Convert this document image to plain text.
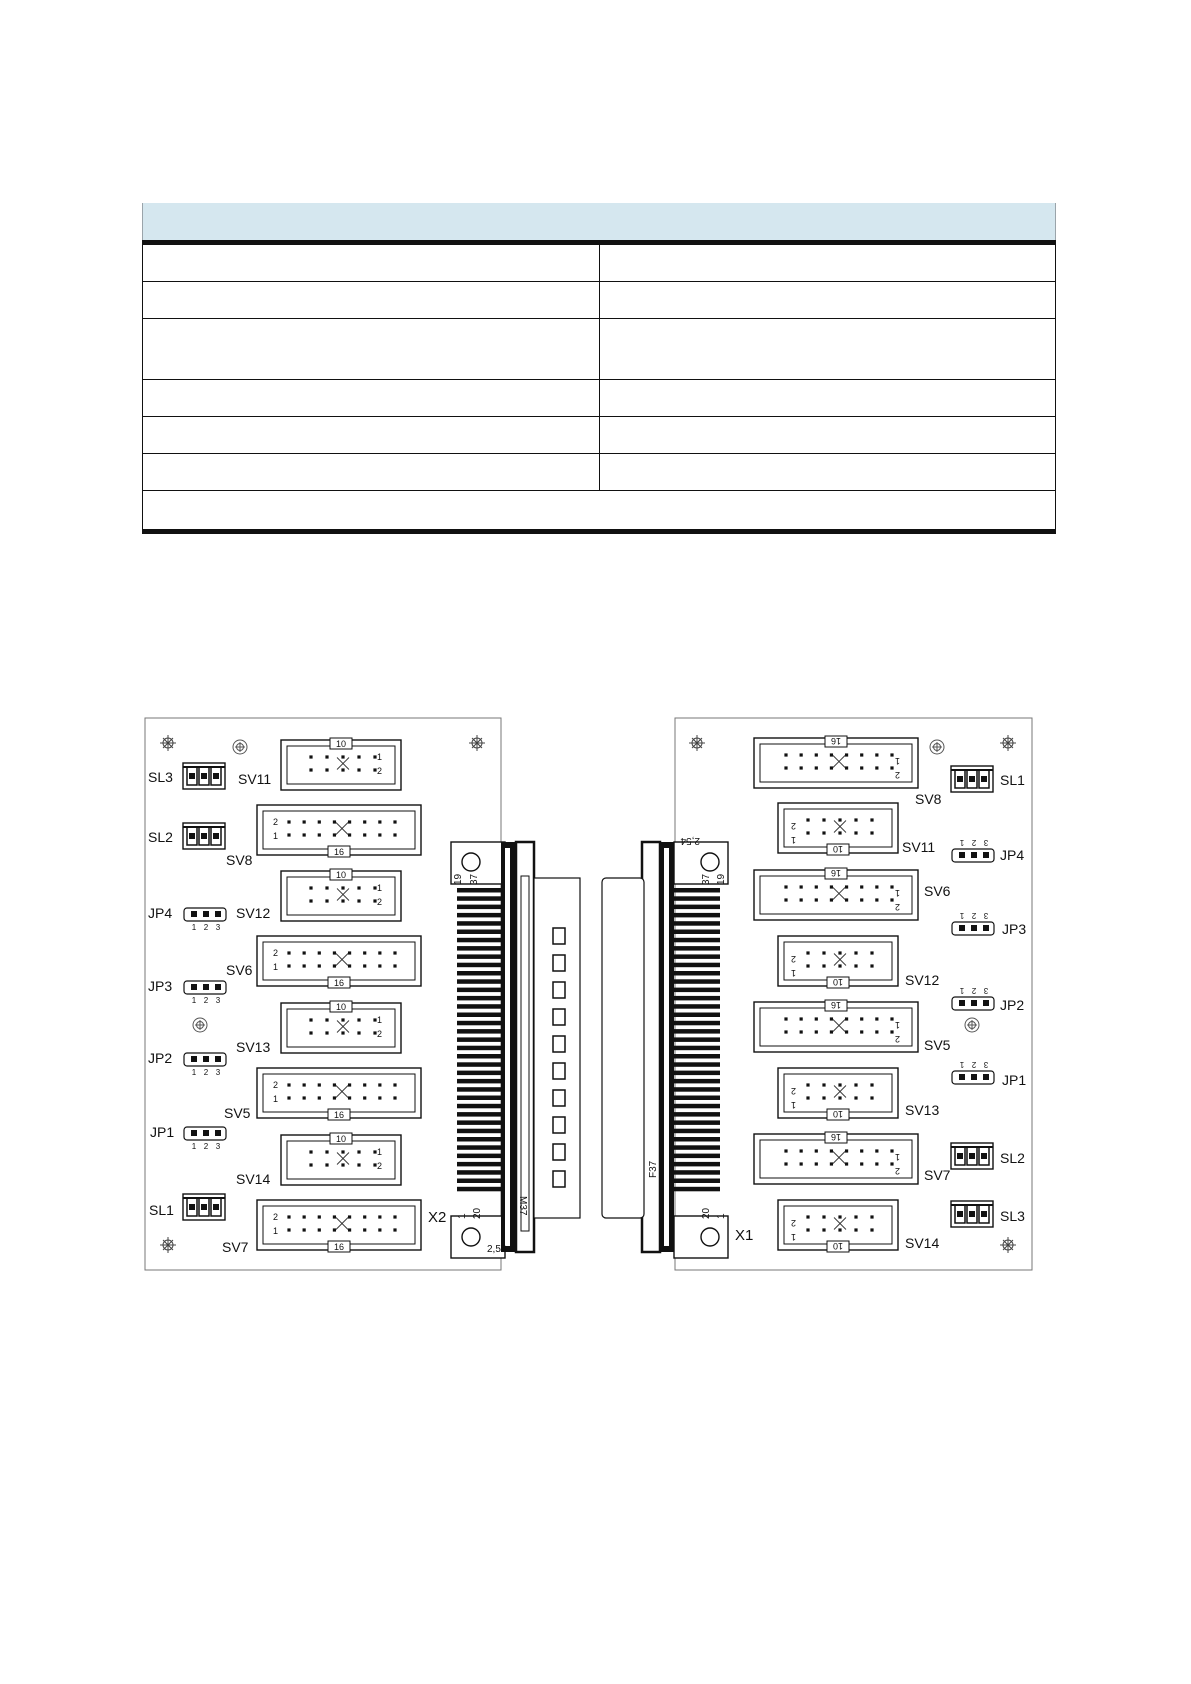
10
1
2
SV11
16
2
1
SV8
10
1
2
SV12
16
2
1
SV6
10
1
2
SV13
16
2
1
SV5
10
1
2
SV14
16
2
1
SV7
SL3
SL2
1 2 3
JP4
1 2 3
JP3
1 2 3
JP2
1 2 3
JP1
SL1	M37
2,54
19 37
1 20
X2
16
1
2
SV8
10
2
1	SV11
16
1
2
SV6
10
2
1	SV12
16
1
2 SV5
10
2
1	SV13
16
1
2 SV7
10
2
1	SV14
SL1
1 2 3
JP4
1 2 3
JP3
1 2 3
JP2
1 2 3
JP1
SL2
SL3
F37
2,54
37 19
20 1
X1
